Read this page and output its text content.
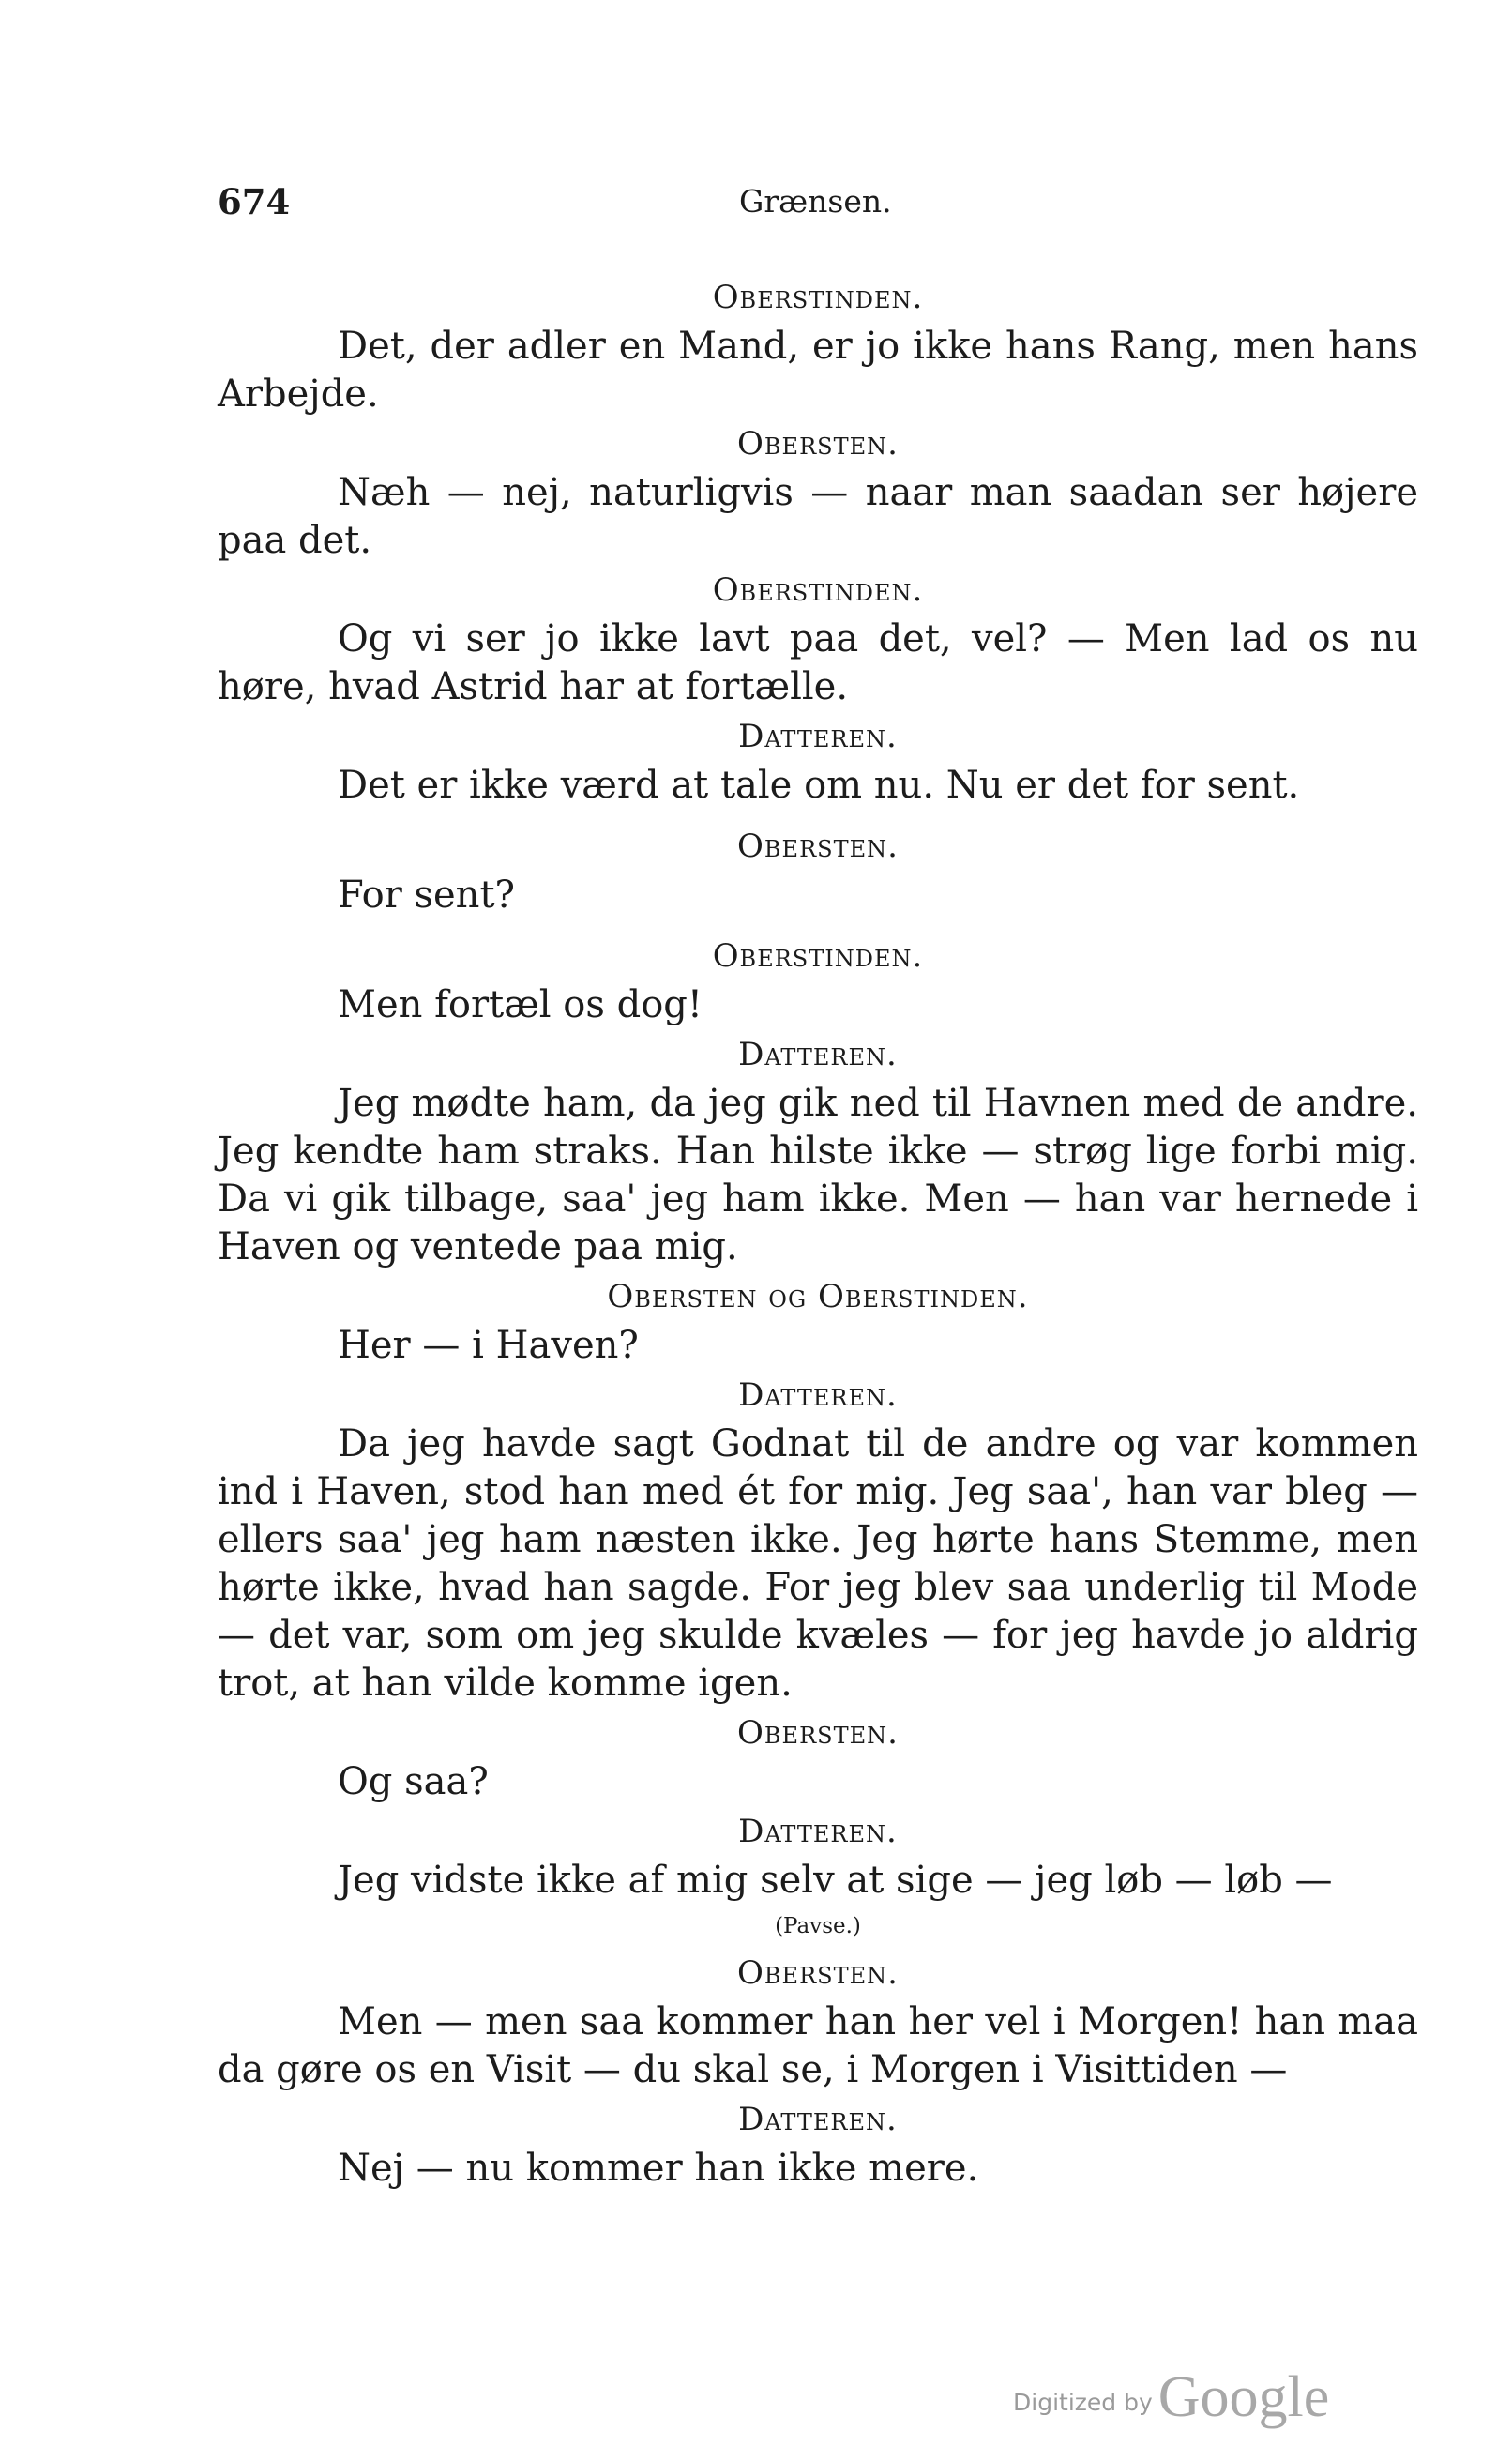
674	Grænsen.

Oberstinden.

Det, der adler en Mand, er jo ikke hans Rang, men hans Arbejde.

Obersten.

Næh — nej, naturligvis — naar man saadan ser højere paa det.

Oberstinden.

Og vi ser jo ikke lavt paa det, vel? — Men lad os nu høre, hvad Astrid har at fortælle.

Datteren.

Det er ikke værd at tale om nu. Nu er det for sent.

Obersten.

For sent?

Oberstinden.

Men fortæl os dog!

Datteren.

Jeg mødte ham, da jeg gik ned til Havnen med de andre. Jeg kendte ham straks. Han hilste ikke — strøg lige forbi mig. Da vi gik tilbage, saa' jeg ham ikke. Men — han var hernede i Haven og ventede paa mig.

Obersten og Oberstinden.

Her — i Haven?

Datteren.

Da jeg havde sagt Godnat til de andre og var kommen ind i Haven, stod han med ét for mig. Jeg saa', han var bleg — ellers saa' jeg ham næsten ikke. Jeg hørte hans Stemme, men hørte ikke, hvad han sagde. For jeg blev saa underlig til Mode — det var, som om jeg skulde kvæles — for jeg havde jo aldrig trot, at han vilde komme igen.

Obersten.

Og saa?

Datteren.

Jeg vidste ikke af mig selv at sige — jeg løb — løb —

(Pavse.)

Obersten.

Men — men saa kommer han her vel i Morgen! han maa da gøre os en Visit — du skal se, i Morgen i Visittiden —

Datteren.

Nej — nu kommer han ikke mere.

Digitized byGoogle
